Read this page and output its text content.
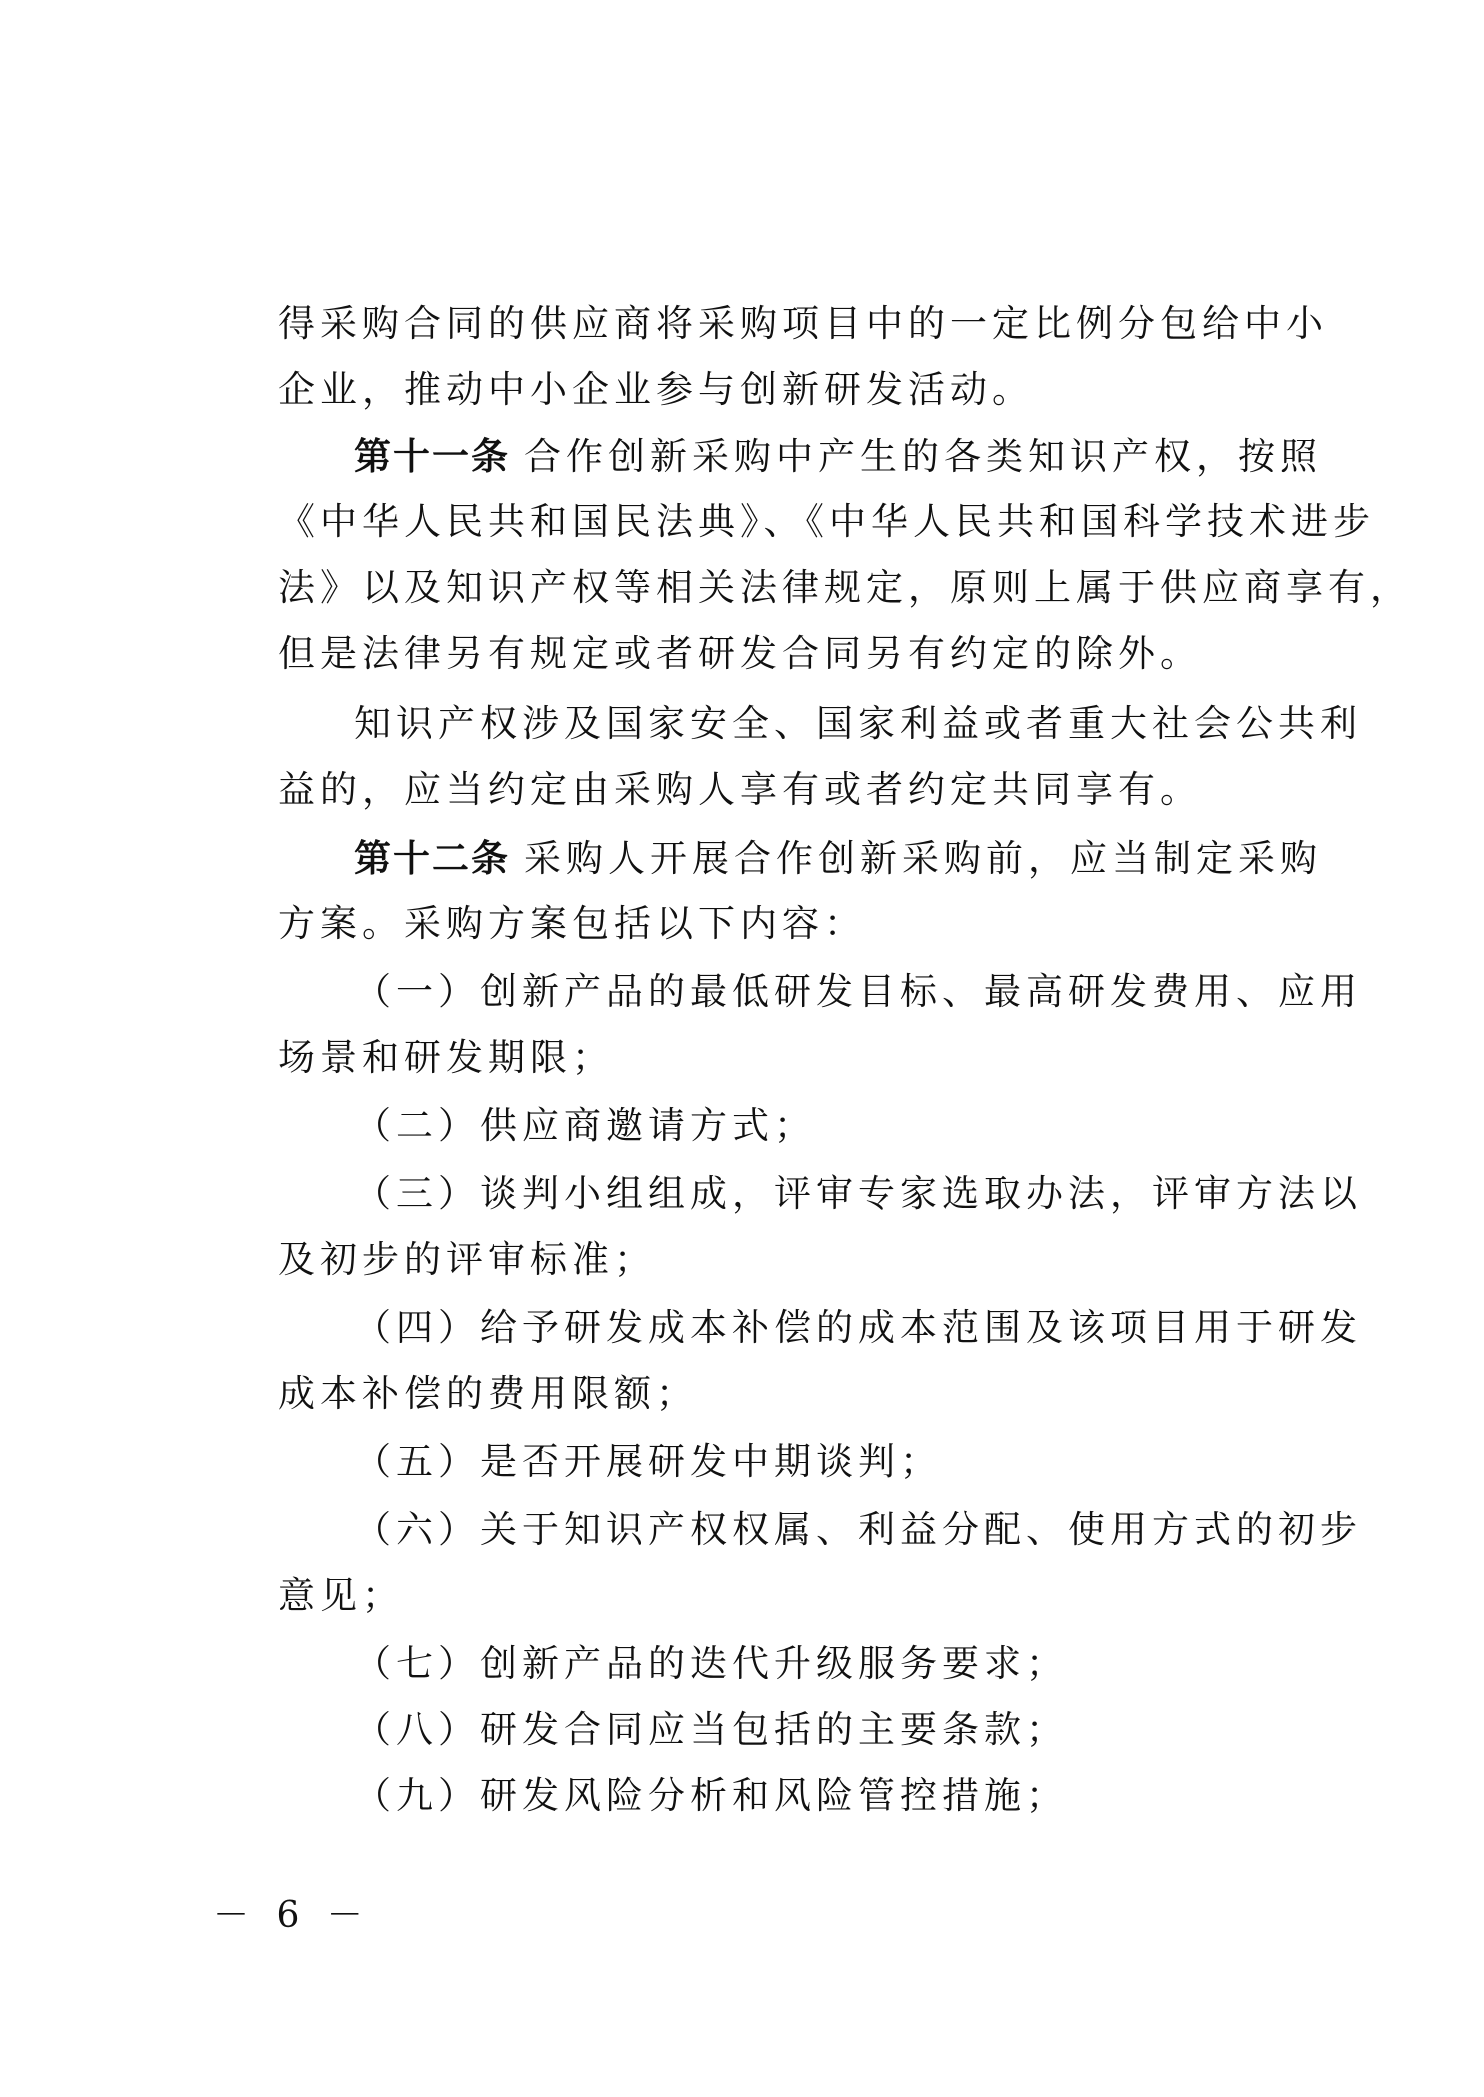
得采购合同的供应商将采购项目中的一定比例分包给中小
企业，推动中小企业参与创新研发活动。
第十一条 合作创新采购中产生的各类知识产权，按照
《中华人民共和国民法典》、《中华人民共和国科学技术进步
法》以及知识产权等相关法律规定，原则上属于供应商享有，
但是法律另有规定或者研发合同另有约定的除外。
知识产权涉及国家安全、国家利益或者重大社会公共利
益的，应当约定由采购人享有或者约定共同享有。
第十二条 采购人开展合作创新采购前，应当制定采购
方案。采购方案包括以下内容：
（一）创新产品的最低研发目标、最高研发费用、应用
场景和研发期限；
（二）供应商邀请方式；
（三）谈判小组组成，评审专家选取办法，评审方法以
及初步的评审标准；
（四）给予研发成本补偿的成本范围及该项目用于研发
成本补偿的费用限额；
（五）是否开展研发中期谈判；
（六）关于知识产权权属、利益分配、使用方式的初步
意见；
（七）创新产品的迭代升级服务要求；
（八）研发合同应当包括的主要条款；
（九）研发风险分析和风险管控措施；
－ 6 －
